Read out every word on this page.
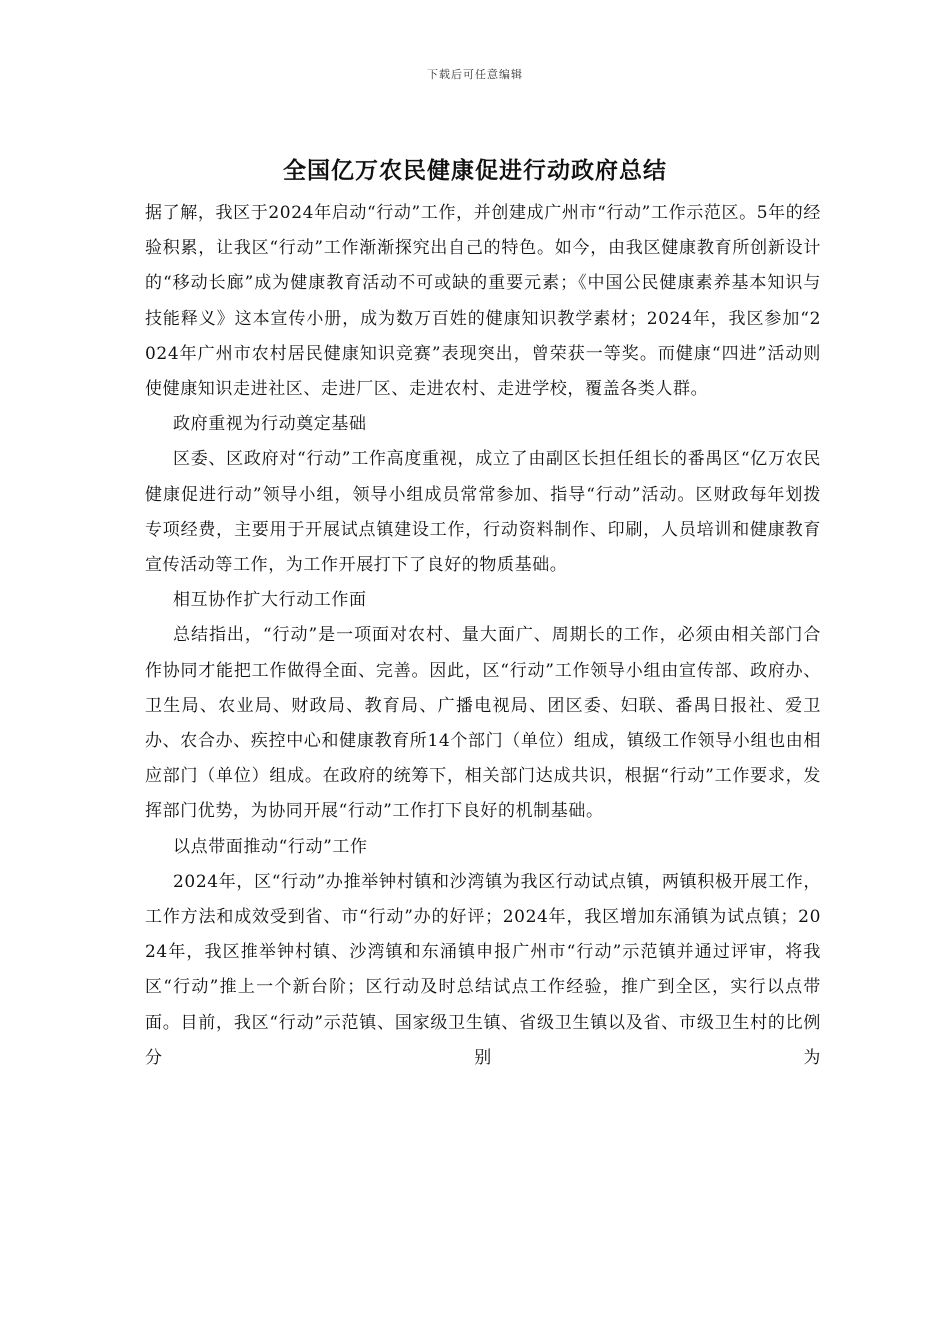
下载后可任意编辑
全国亿万农民健康促进行动政府总结

据了解，我区于2024年启动“行动”工作，并创建成广州市“行动”工作示范区。5年的经验积累，让我区“行动”工作渐渐探究出自己的特色。如今，由我区健康教育所创新设计的“移动长廊”成为健康教育活动不可或缺的重要元素；《中国公民健康素养基本知识与技能释义》这本宣传小册，成为数万百姓的健康知识教学素材；2024年，我区参加“2024年广州市农村居民健康知识竞赛”表现突出，曾荣获一等奖。而健康“四进”活动则使健康知识走进社区、走进厂区、走进农村、走进学校，覆盖各类人群。

政府重视为行动奠定基础

区委、区政府对“行动”工作高度重视，成立了由副区长担任组长的番禺区“亿万农民健康促进行动”领导小组，领导小组成员常常参加、指导“行动”活动。区财政每年划拨专项经费，主要用于开展试点镇建设工作，行动资料制作、印刷，人员培训和健康教育宣传活动等工作，为工作开展打下了良好的物质基础。

相互协作扩大行动工作面

总结指出，“行动”是一项面对农村、量大面广、周期长的工作，必须由相关部门合作协同才能把工作做得全面、完善。因此，区“行动”工作领导小组由宣传部、政府办、卫生局、农业局、财政局、教育局、广播电视局、团区委、妇联、番禺日报社、爱卫办、农合办、疾控中心和健康教育所14个部门（单位）组成，镇级工作领导小组也由相应部门（单位）组成。在政府的统筹下，相关部门达成共识，根据“行动”工作要求，发挥部门优势，为协同开展“行动”工作打下良好的机制基础。

以点带面推动“行动”工作

2024年，区“行动”办推举钟村镇和沙湾镇为我区行动试点镇，两镇积极开展工作，工作方法和成效受到省、市“行动”办的好评；2024年，我区增加东涌镇为试点镇；2024年，我区推举钟村镇、沙湾镇和东涌镇申报广州市“行动”示范镇并通过评审，将我区“行动”推上一个新台阶；区行动及时总结试点工作经验，推广到全区，实行以点带面。目前，我区“行动”示范镇、国家级卫生镇、省级卫生镇以及省、市级卫生村的比例分别为
